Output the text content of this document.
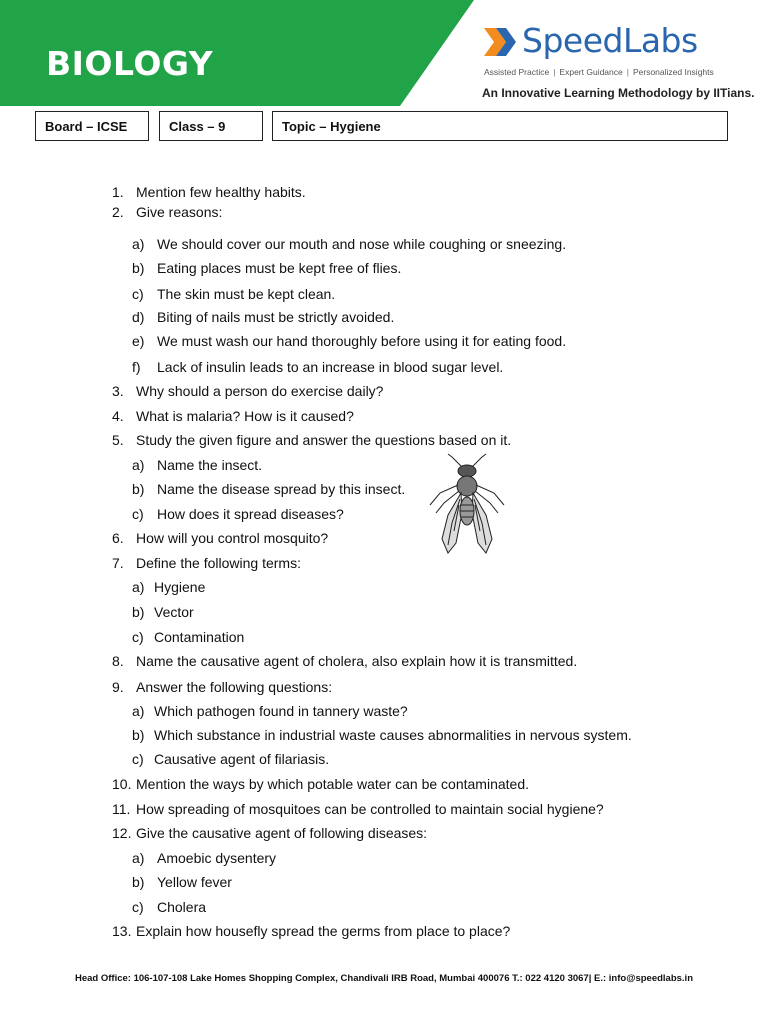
BIOLOGY
SpeedLabs
Assisted Practice | Expert Guidance | Personalized Insights
An Innovative Learning Methodology by IITians.
Board – ICSE	Class – 9	Topic – Hygiene
1. Mention few healthy habits.
2. Give reasons:
a) We should cover our mouth and nose while coughing or sneezing.
b) Eating places must be kept free of flies.
c) The skin must be kept clean.
d) Biting of nails must be strictly avoided.
e) We must wash our hand thoroughly before using it for eating food.
f) Lack of insulin leads to an increase in blood sugar level.
3. Why should a person do exercise daily?
4. What is malaria? How is it caused?
5. Study the given figure and answer the questions based on it.
a) Name the insect.
b) Name the disease spread by this insect.
c) How does it spread diseases?
6. How will you control mosquito?
7. Define the following terms:
a) Hygiene
b) Vector
c) Contamination
8. Name the causative agent of cholera, also explain how it is transmitted.
9. Answer the following questions:
a) Which pathogen found in tannery waste?
b) Which substance in industrial waste causes abnormalities in nervous system.
c) Causative agent of filariasis.
10. Mention the ways by which potable water can be contaminated.
11. How spreading of mosquitoes can be controlled to maintain social hygiene?
12. Give the causative agent of following diseases:
a) Amoebic dysentery
b) Yellow fever
c) Cholera
13. Explain how housefly spread the germs from place to place?
Head Office: 106-107-108 Lake Homes Shopping Complex, Chandivali IRB Road, Mumbai 400076 T.: 022 4120 3067| E.: info@speedlabs.in
